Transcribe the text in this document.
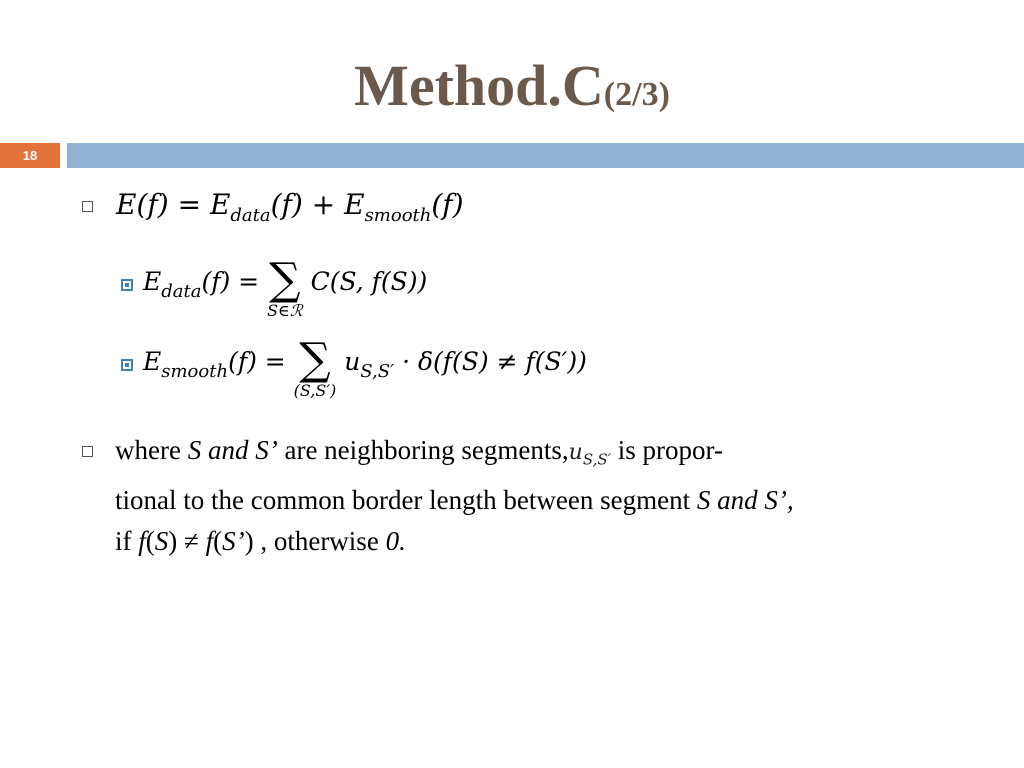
Method.C(2/3)
18
$E(f) = E_{data}(f) + E_{smooth}(f)$
$E_{data}(f)$ = ∑
S∈ℛ
C(S, f(S))
$E_{smooth}(f)$ = ∑
(S,S′)
$u_{S,S'} \cdot \delta(f(S) \ne f(S'))$
where S and S’ are neighboring $segments,u_{S,S'}$ is propor-
tional to the common border length between segment S and S’,
if f(S) ≠ f(S’) , otherwise 0.
